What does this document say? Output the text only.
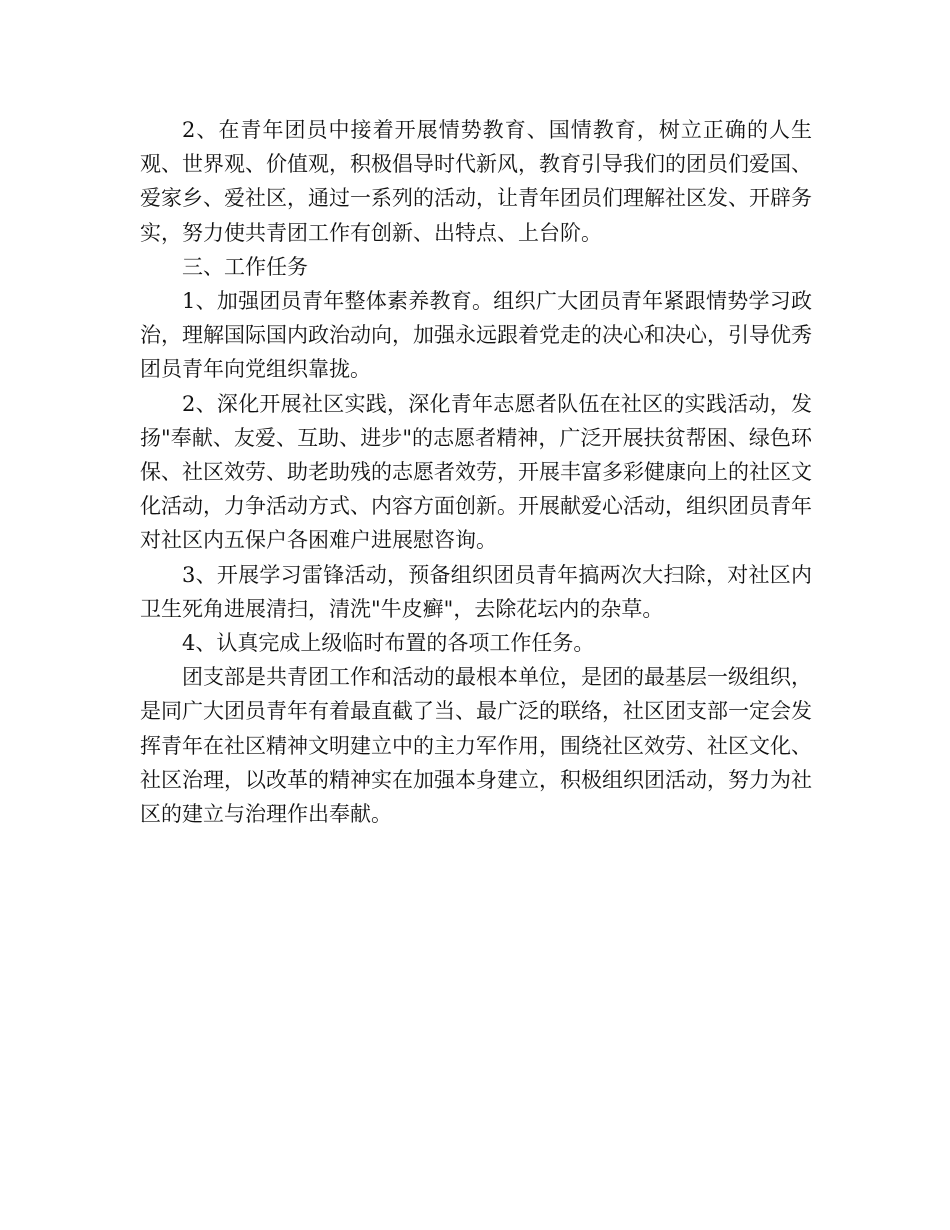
2、在青年团员中接着开展情势教育、国情教育，树立正确的人生观、世界观、价值观，积极倡导时代新风，教育引导我们的团员们爱国、爱家乡、爱社区，通过一系列的活动，让青年团员们理解社区发、开辟务实，努力使共青团工作有创新、出特点、上台阶。

三、工作任务

1、加强团员青年整体素养教育。组织广大团员青年紧跟情势学习政治，理解国际国内政治动向，加强永远跟着党走的决心和决心，引导优秀团员青年向党组织靠拢。

2、深化开展社区实践，深化青年志愿者队伍在社区的实践活动，发扬"奉献、友爱、互助、进步"的志愿者精神，广泛开展扶贫帮困、绿色环保、社区效劳、助老助残的志愿者效劳，开展丰富多彩健康向上的社区文化活动，力争活动方式、内容方面创新。开展献爱心活动，组织团员青年对社区内五保户各困难户进展慰咨询。

3、开展学习雷锋活动，预备组织团员青年搞两次大扫除，对社区内卫生死角进展清扫，清洗"牛皮癣"，去除花坛内的杂草。

4、认真完成上级临时布置的各项工作任务。

团支部是共青团工作和活动的最根本单位，是团的最基层一级组织，是同广大团员青年有着最直截了当、最广泛的联络，社区团支部一定会发挥青年在社区精神文明建立中的主力军作用，围绕社区效劳、社区文化、社区治理，以改革的精神实在加强本身建立，积极组织团活动，努力为社区的建立与治理作出奉献。
